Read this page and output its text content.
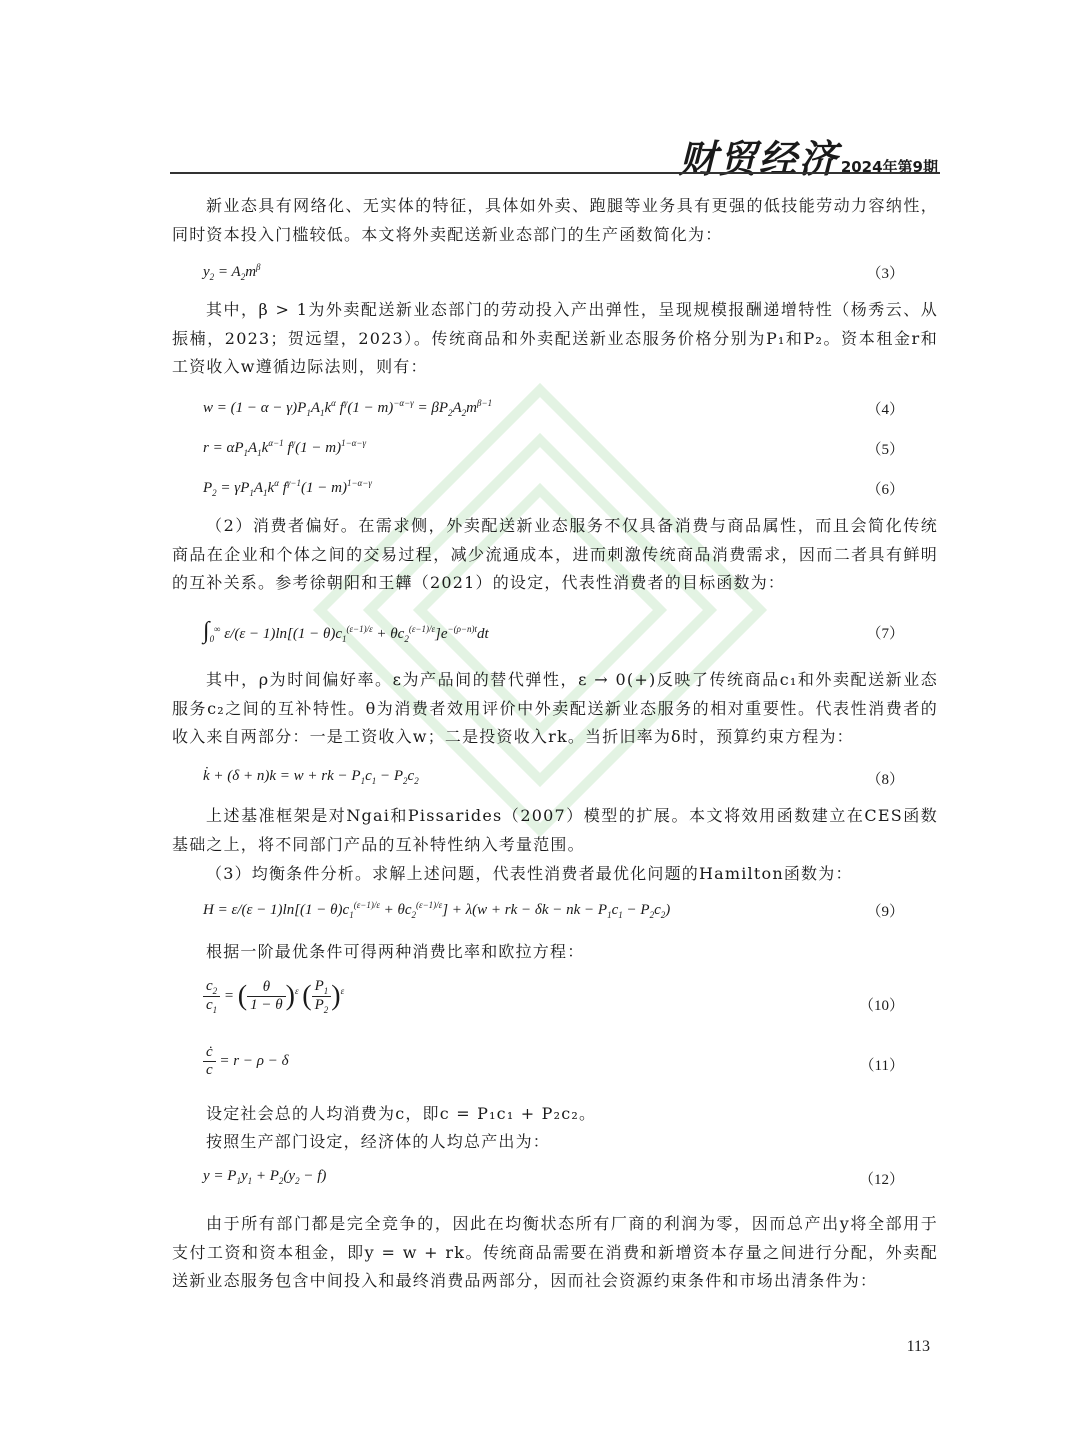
财贸经济 2024年第9期

新业态具有网络化、无实体的特征，具体如外卖、跑腿等业务具有更强的低技能劳动力容纳性，同时资本投入门槛较低。本文将外卖配送新业态部门的生产函数简化为：

$y_2 = A_2m^\beta$	（3）

其中，β > 1为外卖配送新业态部门的劳动投入产出弹性，呈现规模报酬递增特性（杨秀云、从振楠，2023；贺远望，2023）。传统商品和外卖配送新业态服务价格分别为P₁和P₂。资本租金r和工资收入w遵循边际法则，则有：

$w = (1 - \alpha - \gamma)P_1A_1k^\alpha$ $f^\gamma(1 - m)^{-\alpha-\gamma} = \beta P_2A_2m^{\beta-1}$	（4）
$r = \alpha P_1A_1k^{\alpha-1}$ $f^\gamma(1 - m)^{1-\alpha-\gamma}$	（5）
$P_2 = \gamma P_1A_1k^\alpha$ $f^{\gamma-1}(1 - m)^{1-\alpha-\gamma}$	（6）

（2）消费者偏好。在需求侧，外卖配送新业态服务不仅具备消费与商品属性，而且会简化传统商品在企业和个体之间的交易过程，减少流通成本，进而刺激传统商品消费需求，因而二者具有鲜明的互补关系。参考徐朝阳和王韡（2021）的设定，代表性消费者的目标函数为：

$\int_0^\infty$ $\varepsilon/(\varepsilon - 1)\ln[(1 - \theta)c_1^{(\varepsilon-1)/\varepsilon} + \theta c_2^{(\varepsilon-1)/\varepsilon}]e^{-(\rho-n)t}dt$	（7）

其中，ρ为时间偏好率。ε为产品间的替代弹性，ε → 0(+)反映了传统商品c₁和外卖配送新业态服务c₂之间的互补特性。θ为消费者效用评价中外卖配送新业态服务的相对重要性。代表性消费者的收入来自两部分：一是工资收入w；二是投资收入rk。当折旧率为δ时，预算约束方程为：

k̇ + (δ + n)k = w + rk − $P_1c_1 - P_2c_2$	（8）

上述基准框架是对Ngai和Pissarides（2007）模型的扩展。本文将效用函数建立在CES函数基础之上，将不同部门产品的互补特性纳入考量范围。

（3）均衡条件分析。求解上述问题，代表性消费者最优化问题的Hamilton函数为：

$H = \varepsilon/(\varepsilon - 1)\ln[(1 - \theta)c_1^{(\varepsilon-1)/\varepsilon} + \theta c_2^{(\varepsilon-1)/\varepsilon}] + \lambda(w$ + rk − δk − nk − $P_1c_1 - P_2c_2$)	（9）

根据一阶最优条件可得两种消费比率和欧拉方程：

$\frac{c_2}{c_1}$ = ( $\frac{\theta}{1 - \theta} )^\varepsilon$ ( $\frac{P_1}{P_2} )^\varepsilon$
（10）
$\frac{ċ}{c} = r - \rho - \delta$	（11）

设定社会总的人均消费为c，即c = P₁c₁ + P₂c₂。

按照生产部门设定，经济体的人均总产出为：

$y = P_1y_1 + P_2(y_2 - f)$	（12）

由于所有部门都是完全竞争的，因此在均衡状态所有厂商的利润为零，因而总产出y将全部用于支付工资和资本租金，即y = w + rk。传统商品需要在消费和新增资本存量之间进行分配，外卖配送新业态服务包含中间投入和最终消费品两部分，因而社会资源约束条件和市场出清条件为：

113
